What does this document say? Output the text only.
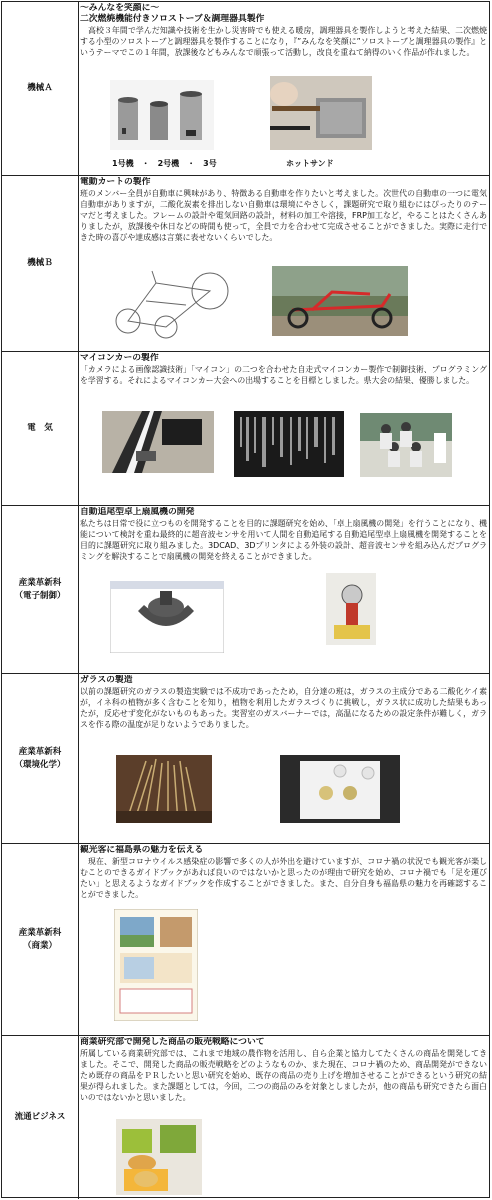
機械Ａ

～みんなを笑顔に～

二次燃焼機能付きソロストーブ＆調理器具製作

　高校３年間で学んだ知識や技術を生かし災害時でも使える暖房，調理器具を製作しようと考えた結果、二次燃焼する小型のソロストーブと調理器具を製作することになり，『”みんなを笑顔に”ソロストーブと調理器具の製作』というテーマでこの１年間，放課後などもみんなで頑張って活動し，改良を重ねて納得のいく作品が作れました。

1号機　・　2号機　・　3号	ホットサンド
機械Ｂ

電動カートの製作

班のメンバー全員が自動車に興味があり、特徴ある自動車を作りたいと考えました。次世代の自動車の一つに電気自動車がありますが，二酸化炭素を排出しない自動車は環境にやさしく，課題研究で取り組むにはぴったりのテーマだと考えました。フレームの設計や電気回路の設計，材料の加工や溶接，FRP加工など，やることはたくさんありましたが，放課後や休日などの時間も使って，全員で力を合わせて完成させることができました。実際に走行できた時の喜びや達成感は言葉に表せないくらいでした。

電　気

マイコンカーの製作

「カメラによる画像認識技術」「マイコン」の二つを合わせた自走式マイコンカー製作で制御技術、プログラミングを学習する。それによるマイコンカー大会への出場することを目標としました。県大会の結果、優勝しました。

産業革新科
（電子制御）

自動追尾型卓上扇風機の開発

私たちは日常で役に立つものを開発することを目的に課題研究を始め、「卓上扇風機の開発」を行うことになり、機能について検討を重ね最終的に超音波センサを用いて人間を自動追尾する自動追尾型卓上扇風機を開発することを目的に課題研究に取り組みました。3DCAD、3Dプリンタによる外装の設計、超音波センサを組み込んだプログラミングを解決することで扇風機の開発を終えることができました。

産業革新科
（環境化学）

ガラスの製造

以前の課題研究のガラスの製造実験では不成功であったため，自分達の班は，ガラスの主成分である二酸化ケイ素が，イネ科の植物が多く含むことを知り，植物を利用したガラスづくりに挑戦し，ガラス状に成功した結果もあったが，反応せず変化がないものもあった。実習室のガスバーナーでは，高温になるための設定条件が難しく，ガラスを作る際の温度が足りないようでありました。

産業革新科
（商業）

観光客に福島県の魅力を伝える

　現在、新型コロナウイルス感染症の影響で多くの人が外出を避けていますが、コロナ禍の状況でも観光客が楽しむことのできるガイドブックがあれば良いのではないかと思ったのが理由で研究を始め、コロナ禍でも「足を運びたい」と思えるようなガイドブックを作成することができました。また、自分自身も福島県の魅力を再確認することができました。

流通ビジネス

商業研究部で開発した商品の販売戦略について

所属している商業研究部では、これまで地域の農作物を活用し、自ら企業と協力してたくさんの商品を開発してきました。そこで、開発した商品の販売戦略をどのようなものか、また現在、コロナ禍のため、商品開発ができないため既存の商品をＰＲしたいと思い研究を始め、既存の商品の売り上げを増加させることができるという研究の結果が得られました。また課題としては，今回，二つの商品のみを対象としましたが，他の商品も研究できたら面白いのではないかと思いました。
